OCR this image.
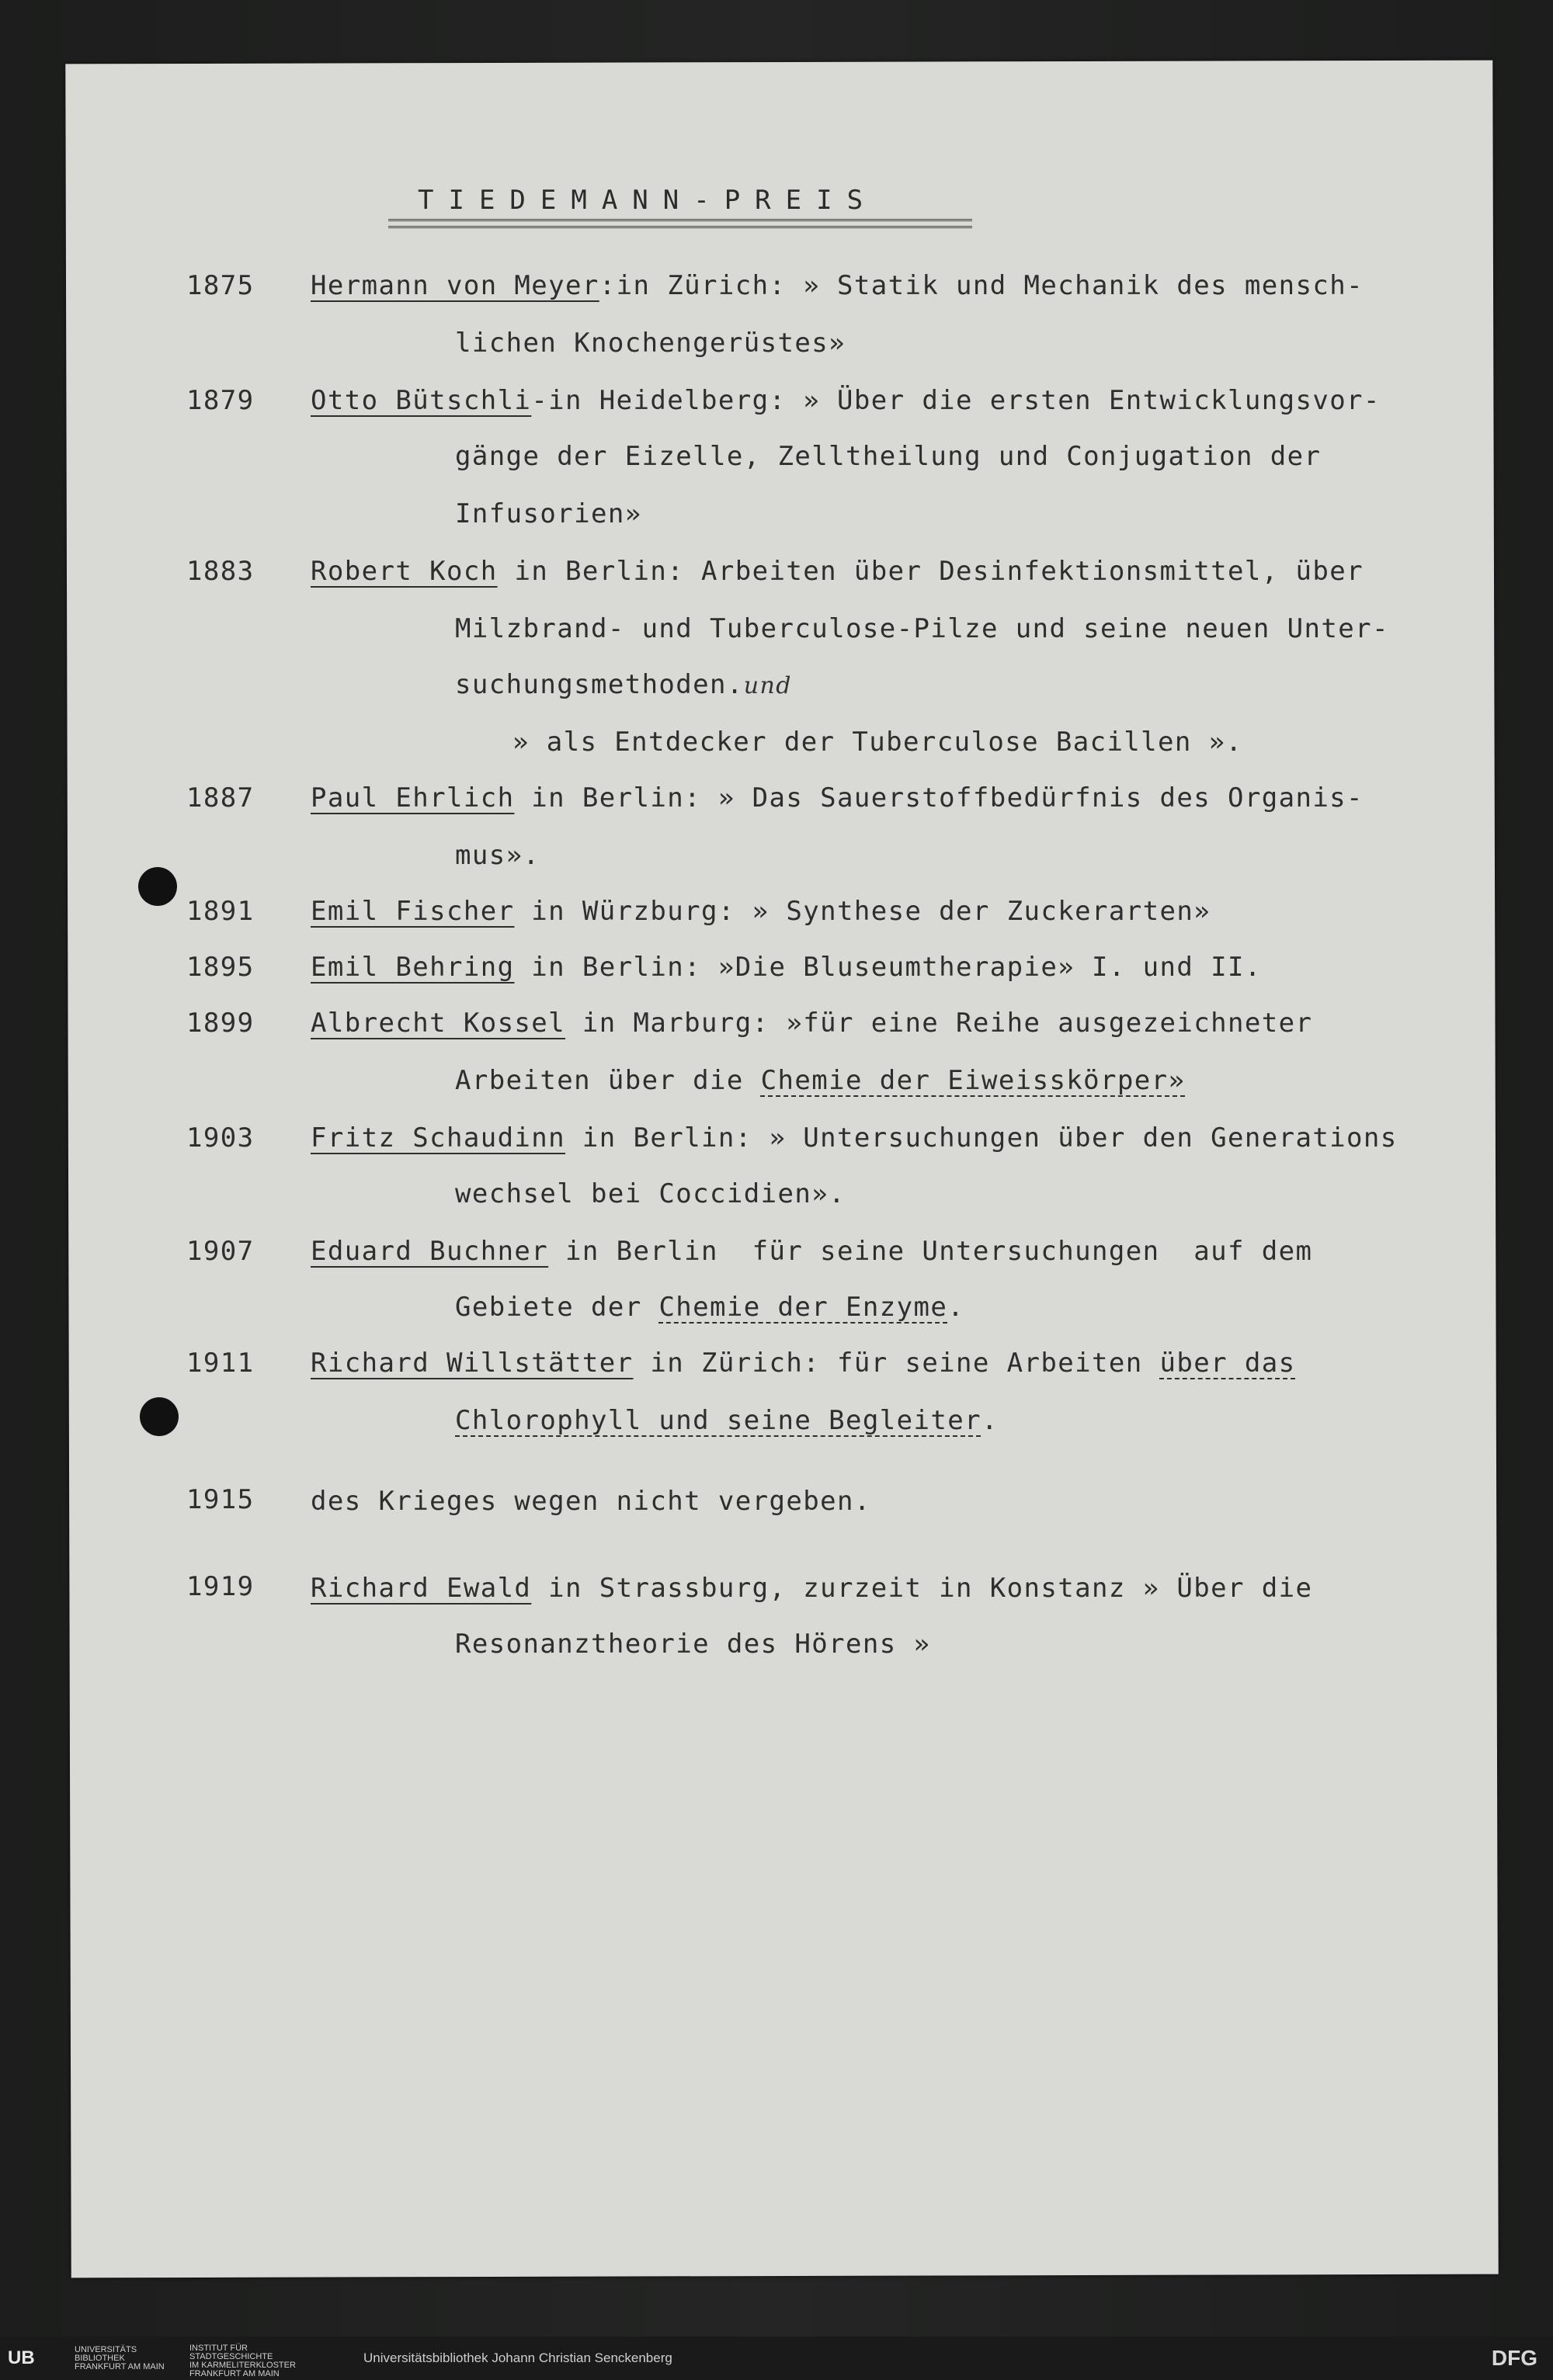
TIEDEMANN-PREIS
1875 Hermann von Meyer:in Zürich: » Statik und Mechanik des mensch-
lichen Knochengerüstes»
1879 Otto Bütschli-in Heidelberg: » Über die ersten Entwicklungsvor-
gänge der Eizelle, Zelltheilung und Conjugation der
Infusorien»
1883 Robert Koch in Berlin: Arbeiten über Desinfektionsmittel, über
Milzbrand- und Tuberculose-Pilze und seine neuen Unter-
suchungsmethoden.und
» als Entdecker der Tuberculose Bacillen ».
1887 Paul Ehrlich in Berlin: » Das Sauerstoffbedürfnis des Organis-
mus».
1891 Emil Fischer in Würzburg: » Synthese der Zuckerarten»
1895 Emil Behring in Berlin: »Die Bluseumtherapie» I. und II.
1899 Albrecht Kossel in Marburg: »für eine Reihe ausgezeichneter
Arbeiten über die Chemie der Eiweisskörper»
1903 Fritz Schaudinn in Berlin: » Untersuchungen über den Generations
wechsel bei Coccidien».
1907 Eduard Buchner in Berlin  für seine Untersuchungen  auf dem
Gebiete der Chemie der Enzyme.
1911 Richard Willstätter in Zürich: für seine Arbeiten über das
Chlorophyll und seine Begleiter.
1915 des Krieges wegen nicht vergeben.
1919 Richard Ewald in Strassburg, zurzeit in Konstanz » Über die
Resonanztheorie des Hörens »
UB	UNIVERSITÄTS
BIBLIOTHEK
FRANKFURT AM MAIN
INSTITUT FÜR
STADTGESCHICHTE
IM KARMELITERKLOSTER
FRANKFURT AM MAIN
Universitätsbibliothek Johann Christian Senckenberg	DFG
